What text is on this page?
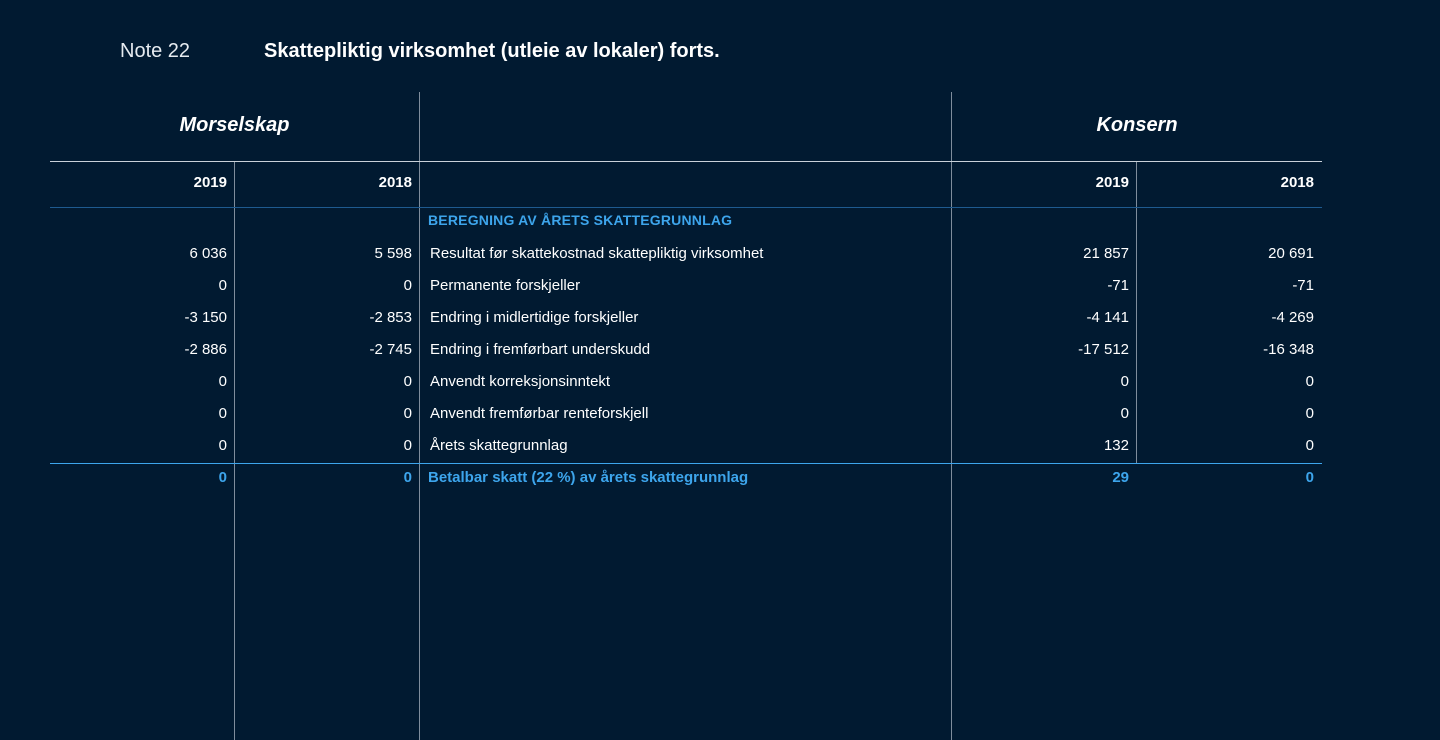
Note 22	Skattepliktig virksomhet (utleie av lokaler) forts.
Morselskap	Konsern
2019	2018	2019	2018
BEREGNING AV ÅRETS SKATTEGRUNNLAG
6 036	5 598 Resultat før skattekostnad skattepliktig virksomhet	21 857	20 691
0	0 Permanente forskjeller	-71	-71
-3 150	-2 853 Endring i midlertidige forskjeller	-4 141	-4 269
-2 886	-2 745 Endring i fremførbart underskudd	-17 512	-16 348
0	0 Anvendt korreksjonsinntekt	0	0
0	0 Anvendt fremførbar renteforskjell	0	0
0	0 Årets skattegrunnlag	132	0
0	0 Betalbar skatt (22 %) av årets skattegrunnlag	29	0
